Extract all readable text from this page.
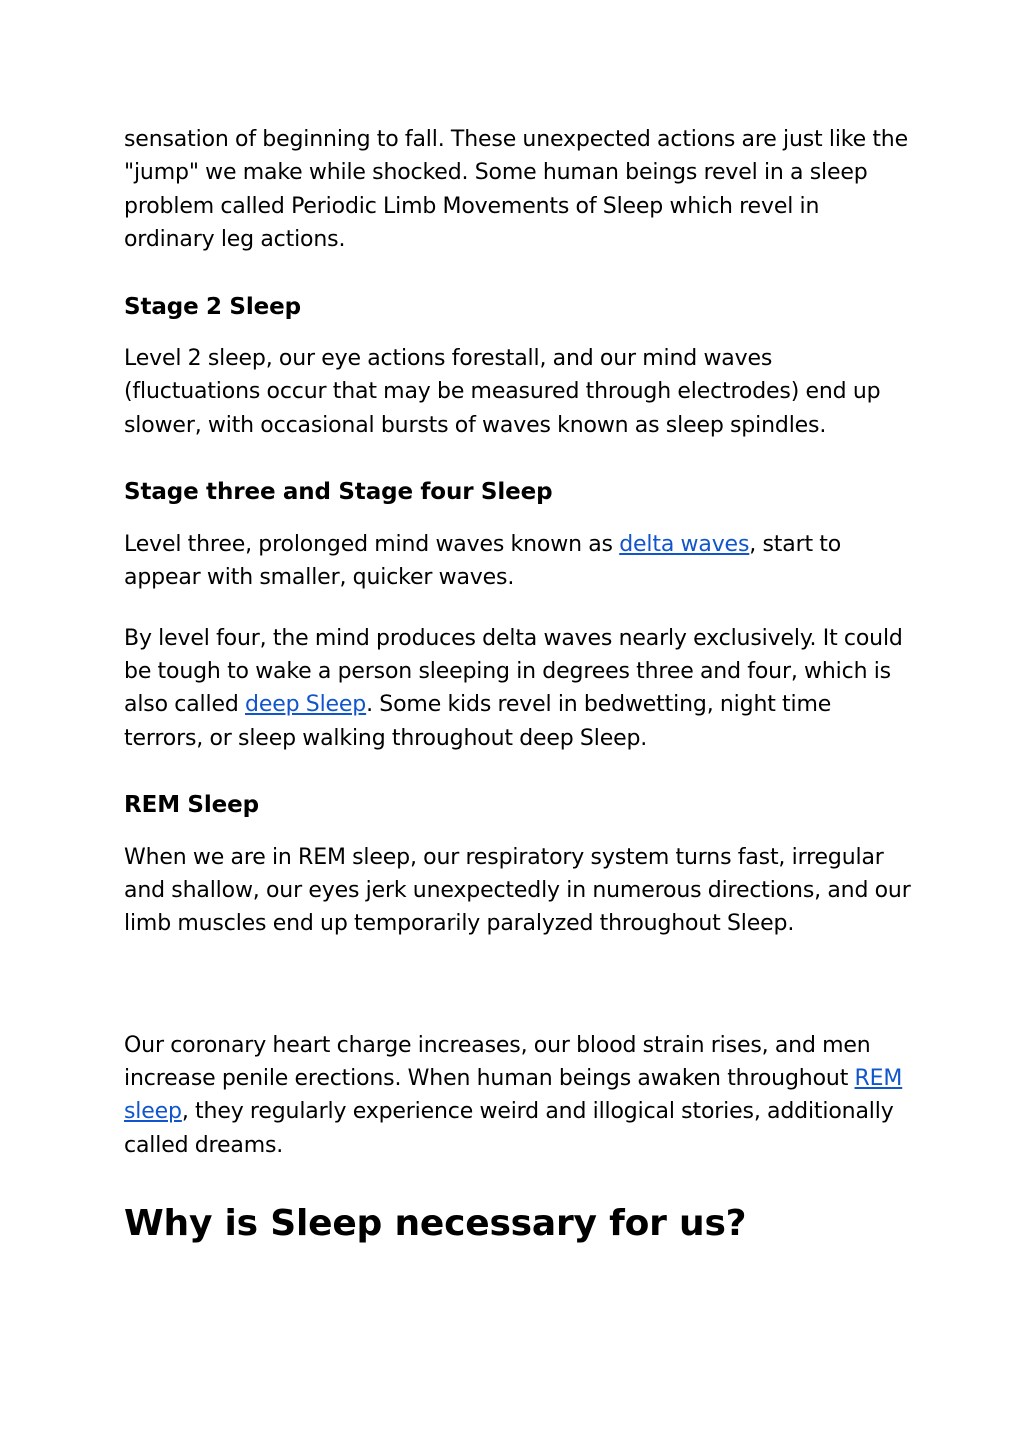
sensation of beginning to fall. These unexpected actions are just like the "jump" we make while shocked. Some human beings revel in a sleep problem called Periodic Limb Movements of Sleep which revel in ordinary leg actions.

Stage 2 Sleep

Level 2 sleep, our eye actions forestall, and our mind waves (fluctuations occur that may be measured through electrodes) end up slower, with occasional bursts of waves known as sleep spindles.

Stage three and Stage four Sleep

Level three, prolonged mind waves known as delta waves, start to appear with smaller, quicker waves.

By level four, the mind produces delta waves nearly exclusively. It could be tough to wake a person sleeping in degrees three and four, which is also called deep Sleep. Some kids revel in bedwetting, night time terrors, or sleep walking throughout deep Sleep.

REM Sleep

When we are in REM sleep, our respiratory system turns fast, irregular and shallow, our eyes jerk unexpectedly in numerous directions, and our limb muscles end up temporarily paralyzed throughout Sleep.

Our coronary heart charge increases, our blood strain rises, and men increase penile erections. When human beings awaken throughout REM sleep, they regularly experience weird and illogical stories, additionally called dreams.

Why is Sleep necessary for us?
